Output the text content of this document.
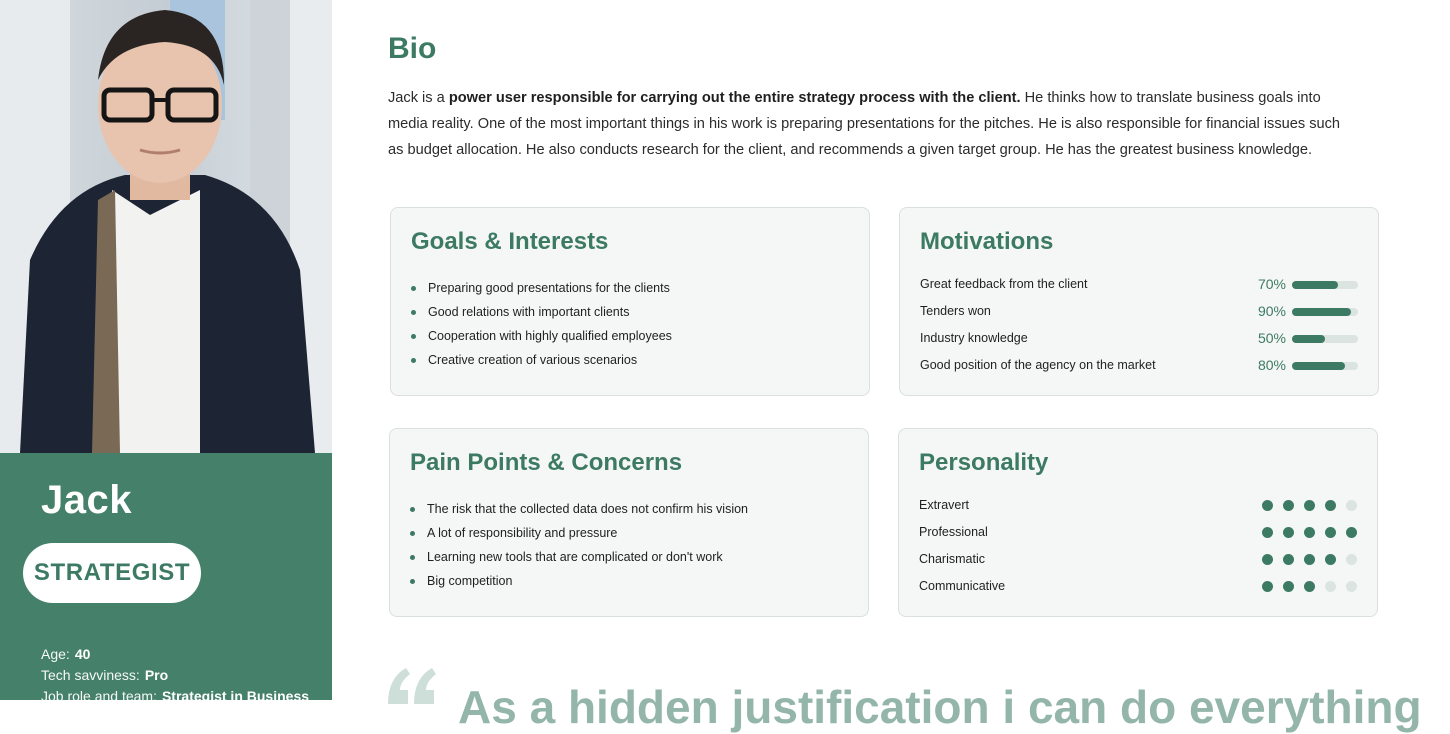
Jack
STRATEGIST
Age: 40
Tech savviness: Pro
Job role and team: Strategist in Business
Bio

Jack is a power user responsible for carrying out the entire strategy process with the client. He thinks how to translate business goals into media reality. One of the most important things in his work is preparing presentations for the pitches. He is also responsible for financial issues such as budget allocation. He also conducts research for the client, and recommends a given target group. He has the greatest business knowledge.

Goals & Interests
Preparing good presentations for the clients
Good relations with important clients
Cooperation with highly qualified employees
Creative creation of various scenarios
Motivations
Great feedback from the client	70%
Tenders won	90%
Industry knowledge	50%
Good position of the agency on the market	80%
Pain Points & Concerns
The risk that the collected data does not confirm his vision
A lot of responsibility and pressure
Learning new tools that are complicated or don't work
Big competition
Personality
Extravert
Professional
Charismatic
Communicative
As a hidden justification i can do everything
